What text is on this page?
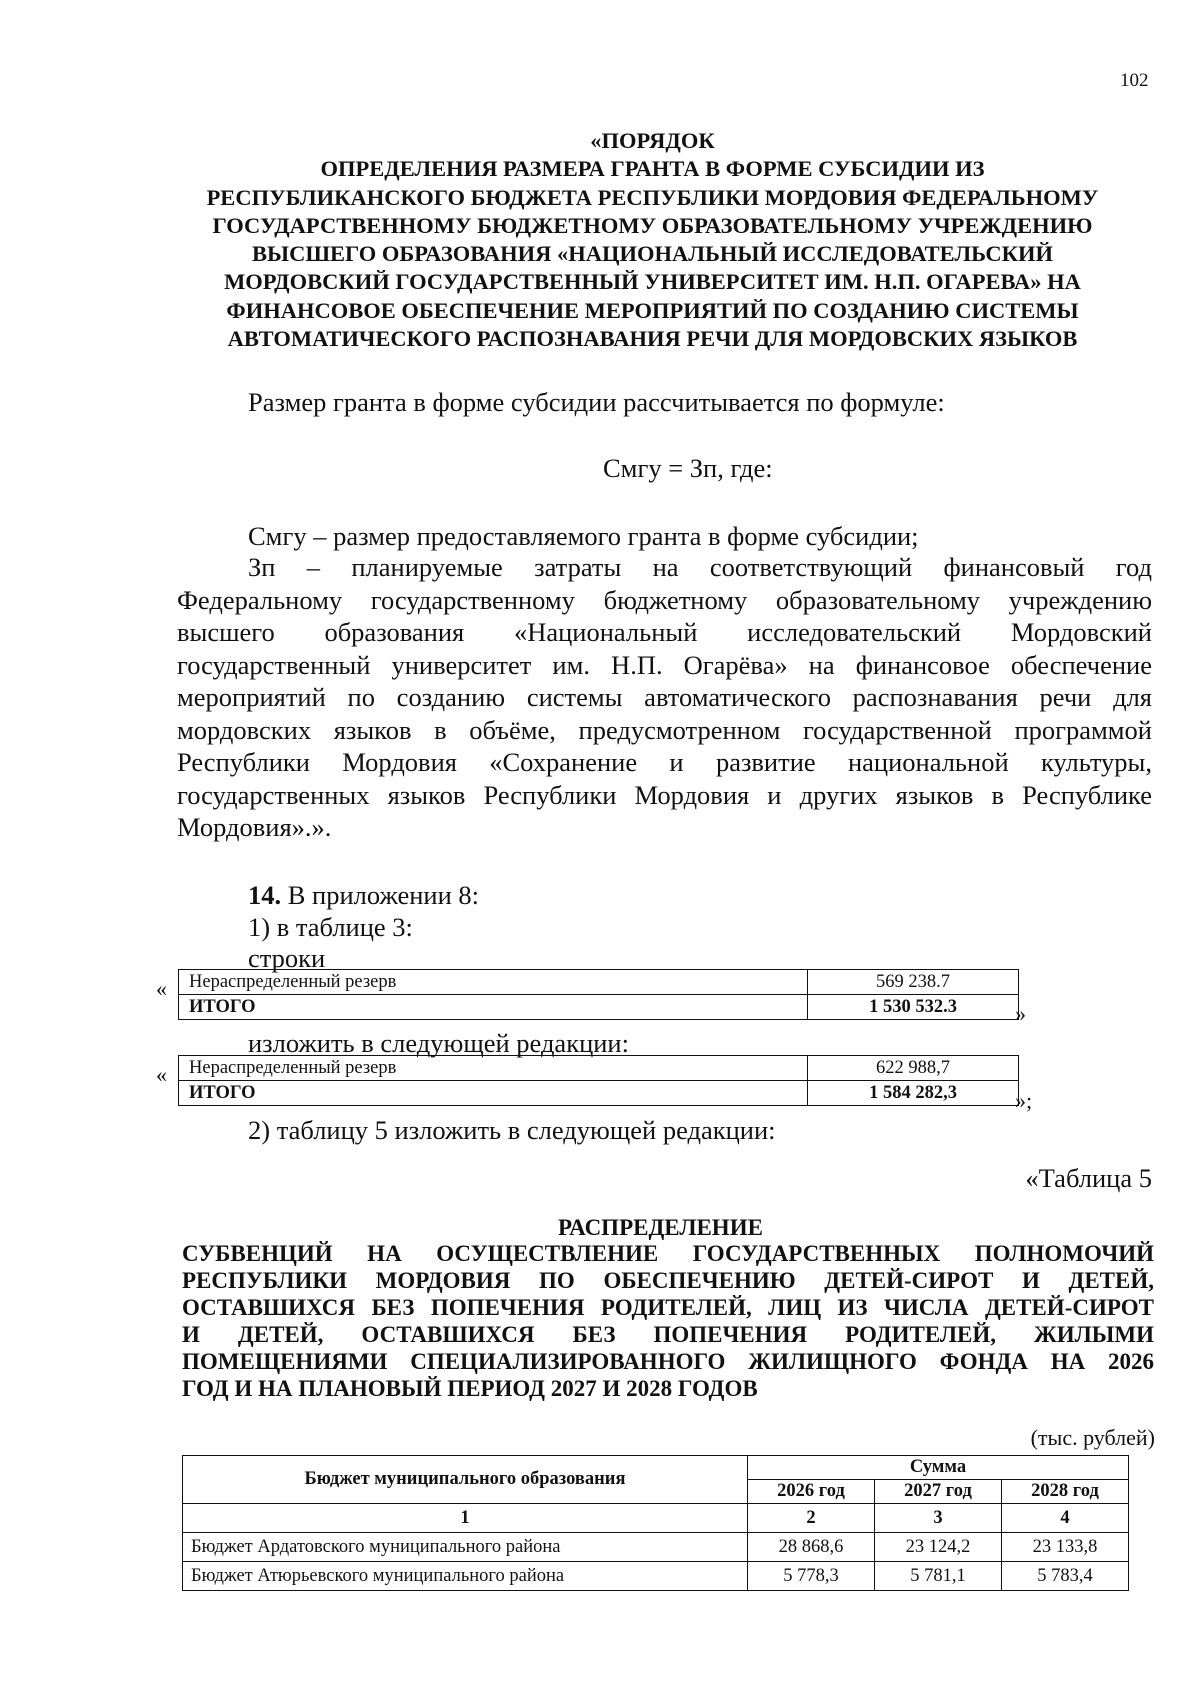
102
«ПОРЯДОК
ОПРЕДЕЛЕНИЯ РАЗМЕРА ГРАНТА В ФОРМЕ СУБСИДИИ ИЗ
РЕСПУБЛИКАНСКОГО БЮДЖЕТА РЕСПУБЛИКИ МОРДОВИЯ ФЕДЕРАЛЬНОМУ
ГОСУДАРСТВЕННОМУ БЮДЖЕТНОМУ ОБРАЗОВАТЕЛЬНОМУ УЧРЕЖДЕНИЮ
ВЫСШЕГО ОБРАЗОВАНИЯ «НАЦИОНАЛЬНЫЙ ИССЛЕДОВАТЕЛЬСКИЙ
МОРДОВСКИЙ ГОСУДАРСТВЕННЫЙ УНИВЕРСИТЕТ ИМ. Н.П. ОГАРЕВА» НА
ФИНАНСОВОЕ ОБЕСПЕЧЕНИЕ МЕРОПРИЯТИЙ ПО СОЗДАНИЮ СИСТЕМЫ
АВТОМАТИЧЕСКОГО РАСПОЗНАВАНИЯ РЕЧИ ДЛЯ МОРДОВСКИХ ЯЗЫКОВ
Размер гранта в форме субсидии рассчитывается по формуле:
Смгу = Зп, где:
Смгу – размер предоставляемого гранта в форме субсидии;
Зп – планируемые затраты на соответствующий финансовый год
Федеральному государственному бюджетному образовательному учреждению
высшего образования «Национальный исследовательский Мордовский
государственный университет им. Н.П. Огарёва» на финансовое обеспечение
мероприятий по созданию системы автоматического распознавания речи для
мордовских языков в объёме, предусмотренном государственной программой
Республики Мордовия «Сохранение и развитие национальной культуры,
государственных языков Республики Мордовия и других языков в Республике
Мордовия».».
14. В приложении 8:
1) в таблице 3:
строки
« Нераспределенный резерв	569 238.7
ИТОГО	1 530 532.3	»
изложить в следующей редакции:
« Нераспределенный резерв	622 988,7
ИТОГО	1 584 282,3	»;
2) таблицу 5 изложить в следующей редакции:
«Таблица 5
РАСПРЕДЕЛЕНИЕ
СУБВЕНЦИЙ НА ОСУЩЕСТВЛЕНИЕ ГОСУДАРСТВЕННЫХ ПОЛНОМОЧИЙ
РЕСПУБЛИКИ МОРДОВИЯ ПО ОБЕСПЕЧЕНИЮ ДЕТЕЙ-СИРОТ И ДЕТЕЙ,
ОСТАВШИХСЯ БЕЗ ПОПЕЧЕНИЯ РОДИТЕЛЕЙ, ЛИЦ ИЗ ЧИСЛА ДЕТЕЙ-СИРОТ
И ДЕТЕЙ, ОСТАВШИХСЯ БЕЗ ПОПЕЧЕНИЯ РОДИТЕЛЕЙ, ЖИЛЫМИ
ПОМЕЩЕНИЯМИ СПЕЦИАЛИЗИРОВАННОГО ЖИЛИЩНОГО ФОНДА НА 2026
ГОД И НА ПЛАНОВЫЙ ПЕРИОД 2027 И 2028 ГОДОВ
(тыс. рублей)
Бюджет муниципального образования	Сумма		
	2026 год	2027 год	2028 год
1	2	3	4
Бюджет Ардатовского муниципального района	28 868,6	23 124,2	23 133,8
Бюджет Атюрьевского муниципального района	5 778,3	5 781,1	5 783,4
